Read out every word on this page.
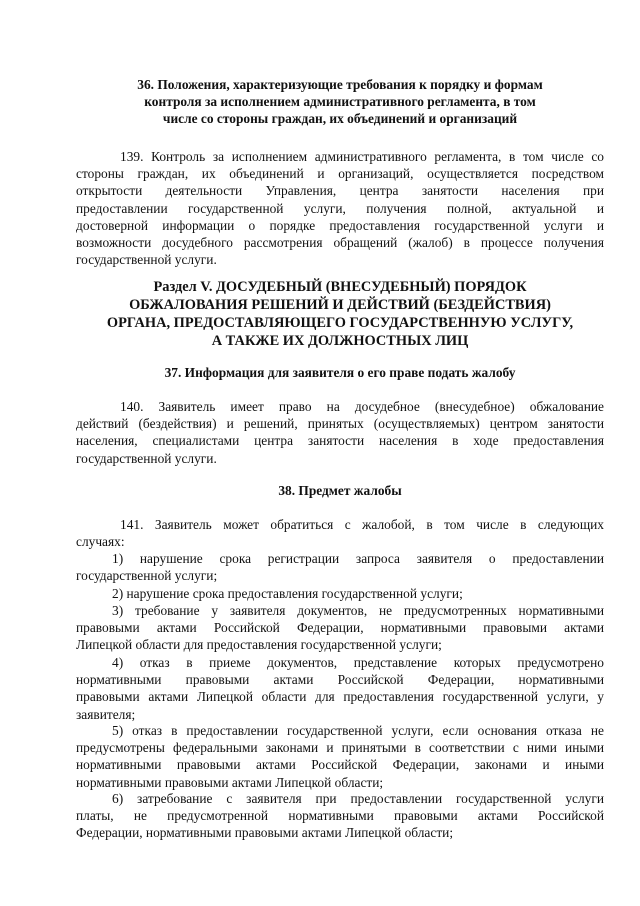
36. Положения, характеризующие требования к порядку и формам
контроля за исполнением административного регламента, в том
числе со стороны граждан, их объединений и организаций
139. Контроль за исполнением административного регламента, в том числе со
стороны граждан, их объединений и организаций, осуществляется посредством
открытости деятельности Управления, центра занятости населения при
предоставлении государственной услуги, получения полной, актуальной и
достоверной информации о порядке предоставления государственной услуги и
возможности досудебного рассмотрения обращений (жалоб) в процессе получения
государственной услуги.
Раздел V. ДОСУДЕБНЫЙ (ВНЕСУДЕБНЫЙ) ПОРЯДОК
ОБЖАЛОВАНИЯ РЕШЕНИЙ И ДЕЙСТВИЙ (БЕЗДЕЙСТВИЯ)
ОРГАНА, ПРЕДОСТАВЛЯЮЩЕГО ГОСУДАРСТВЕННУЮ УСЛУГУ,
А ТАКЖЕ ИХ ДОЛЖНОСТНЫХ ЛИЦ
37. Информация для заявителя о его праве подать жалобу
140. Заявитель имеет право на досудебное (внесудебное) обжалование
действий (бездействия) и решений, принятых (осуществляемых) центром занятости
населения, специалистами центра занятости населения в ходе предоставления
государственной услуги.
38. Предмет жалобы
141. Заявитель может обратиться с жалобой, в том числе в следующих
случаях:
1) нарушение срока регистрации запроса заявителя о предоставлении
государственной услуги;
2) нарушение срока предоставления государственной услуги;
3) требование у заявителя документов, не предусмотренных нормативными
правовыми актами Российской Федерации, нормативными правовыми актами
Липецкой области для предоставления государственной услуги;
4) отказ в приеме документов, представление которых предусмотрено
нормативными правовыми актами Российской Федерации, нормативными
правовыми актами Липецкой области для предоставления государственной услуги, у
заявителя;
5) отказ в предоставлении государственной услуги, если основания отказа не
предусмотрены федеральными законами и принятыми в соответствии с ними иными
нормативными правовыми актами Российской Федерации, законами и иными
нормативными правовыми актами Липецкой области;
6) затребование с заявителя при предоставлении государственной услуги
платы, не предусмотренной нормативными правовыми актами Российской
Федерации, нормативными правовыми актами Липецкой области;
